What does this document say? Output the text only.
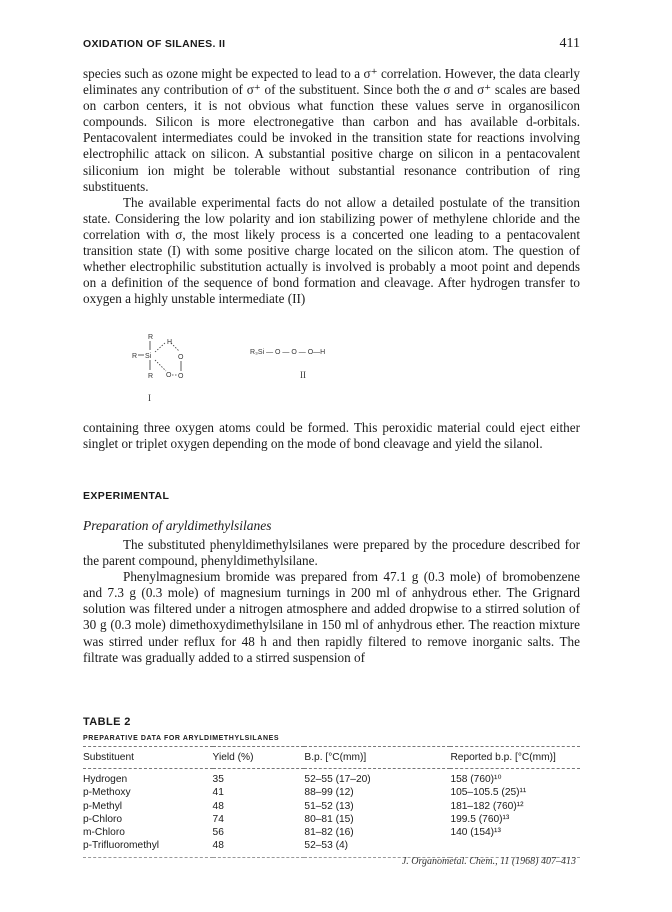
OXIDATION OF SILANES. II	411

species such as ozone might be expected to lead to a σ⁺ correlation. However, the data clearly eliminates any contribution of σ⁺ of the substituent. Since both the σ and σ⁺ scales are based on carbon centers, it is not obvious what function these values serve in organosilicon compounds. Silicon is more electronegative than carbon and has available d-orbitals. Pentacovalent intermediates could be invoked in the transition state for reactions involving electrophilic attack on silicon. A substantial positive charge on silicon in a pentacovalent siliconium ion might be tolerable without substantial resonance contribution of ring substituents.

The available experimental facts do not allow a detailed postulate of the transition state. Considering the low polarity and ion stabilizing power of methylene chloride and the correlation with σ, the most likely process is a concerted one leading to a pentacovalent transition state (I) with some positive charge located on the silicon atom. The question of whether electrophilic substitution actually is involved is probably a moot point and depends on a definition of the sequence of bond formation and cleavage. After hydrogen transfer to oxygen a highly unstable intermediate (II)

R
R Si
R
H
O
O
O
I
R₃Si — O — O — O—H
II

containing three oxygen atoms could be formed. This peroxidic material could eject either singlet or triplet oxygen depending on the mode of bond cleavage and yield the silanol.

EXPERIMENTAL
Preparation of aryldimethylsilanes

The substituted phenyldimethylsilanes were prepared by the procedure described for the parent compound, phenyldimethylsilane.

Phenylmagnesium bromide was prepared from 47.1 g (0.3 mole) of bromobenzene and 7.3 g (0.3 mole) of magnesium turnings in 200 ml of anhydrous ether. The Grignard solution was filtered under a nitrogen atmosphere and added dropwise to a stirred solution of 30 g (0.3 mole) dimethoxydimethylsilane in 150 ml of anhydrous ether. The reaction mixture was stirred under reflux for 48 h and then rapidly filtered to remove inorganic salts. The filtrate was gradually added to a stirred suspension of

TABLE 2
PREPARATIVE DATA FOR ARYLDIMETHYLSILANES
Substituent	Yield (%)	B.p. [°C(mm)]	Reported b.p. [°C(mm)]
Hydrogen	35	52–55 (17–20)	158 (760)¹⁰
p-Methoxy	41	88–99 (12)	105–105.5 (25)¹¹
p-Methyl	48	51–52 (13)	181–182 (760)¹²
p-Chloro	74	80–81 (15)	199.5 (760)¹³
m-Chloro	56	81–82 (16)	140 (154)¹³
p-Trifluoromethyl	48	52–53 (4)	
J. Organometal. Chem., 11 (1968) 407–413
